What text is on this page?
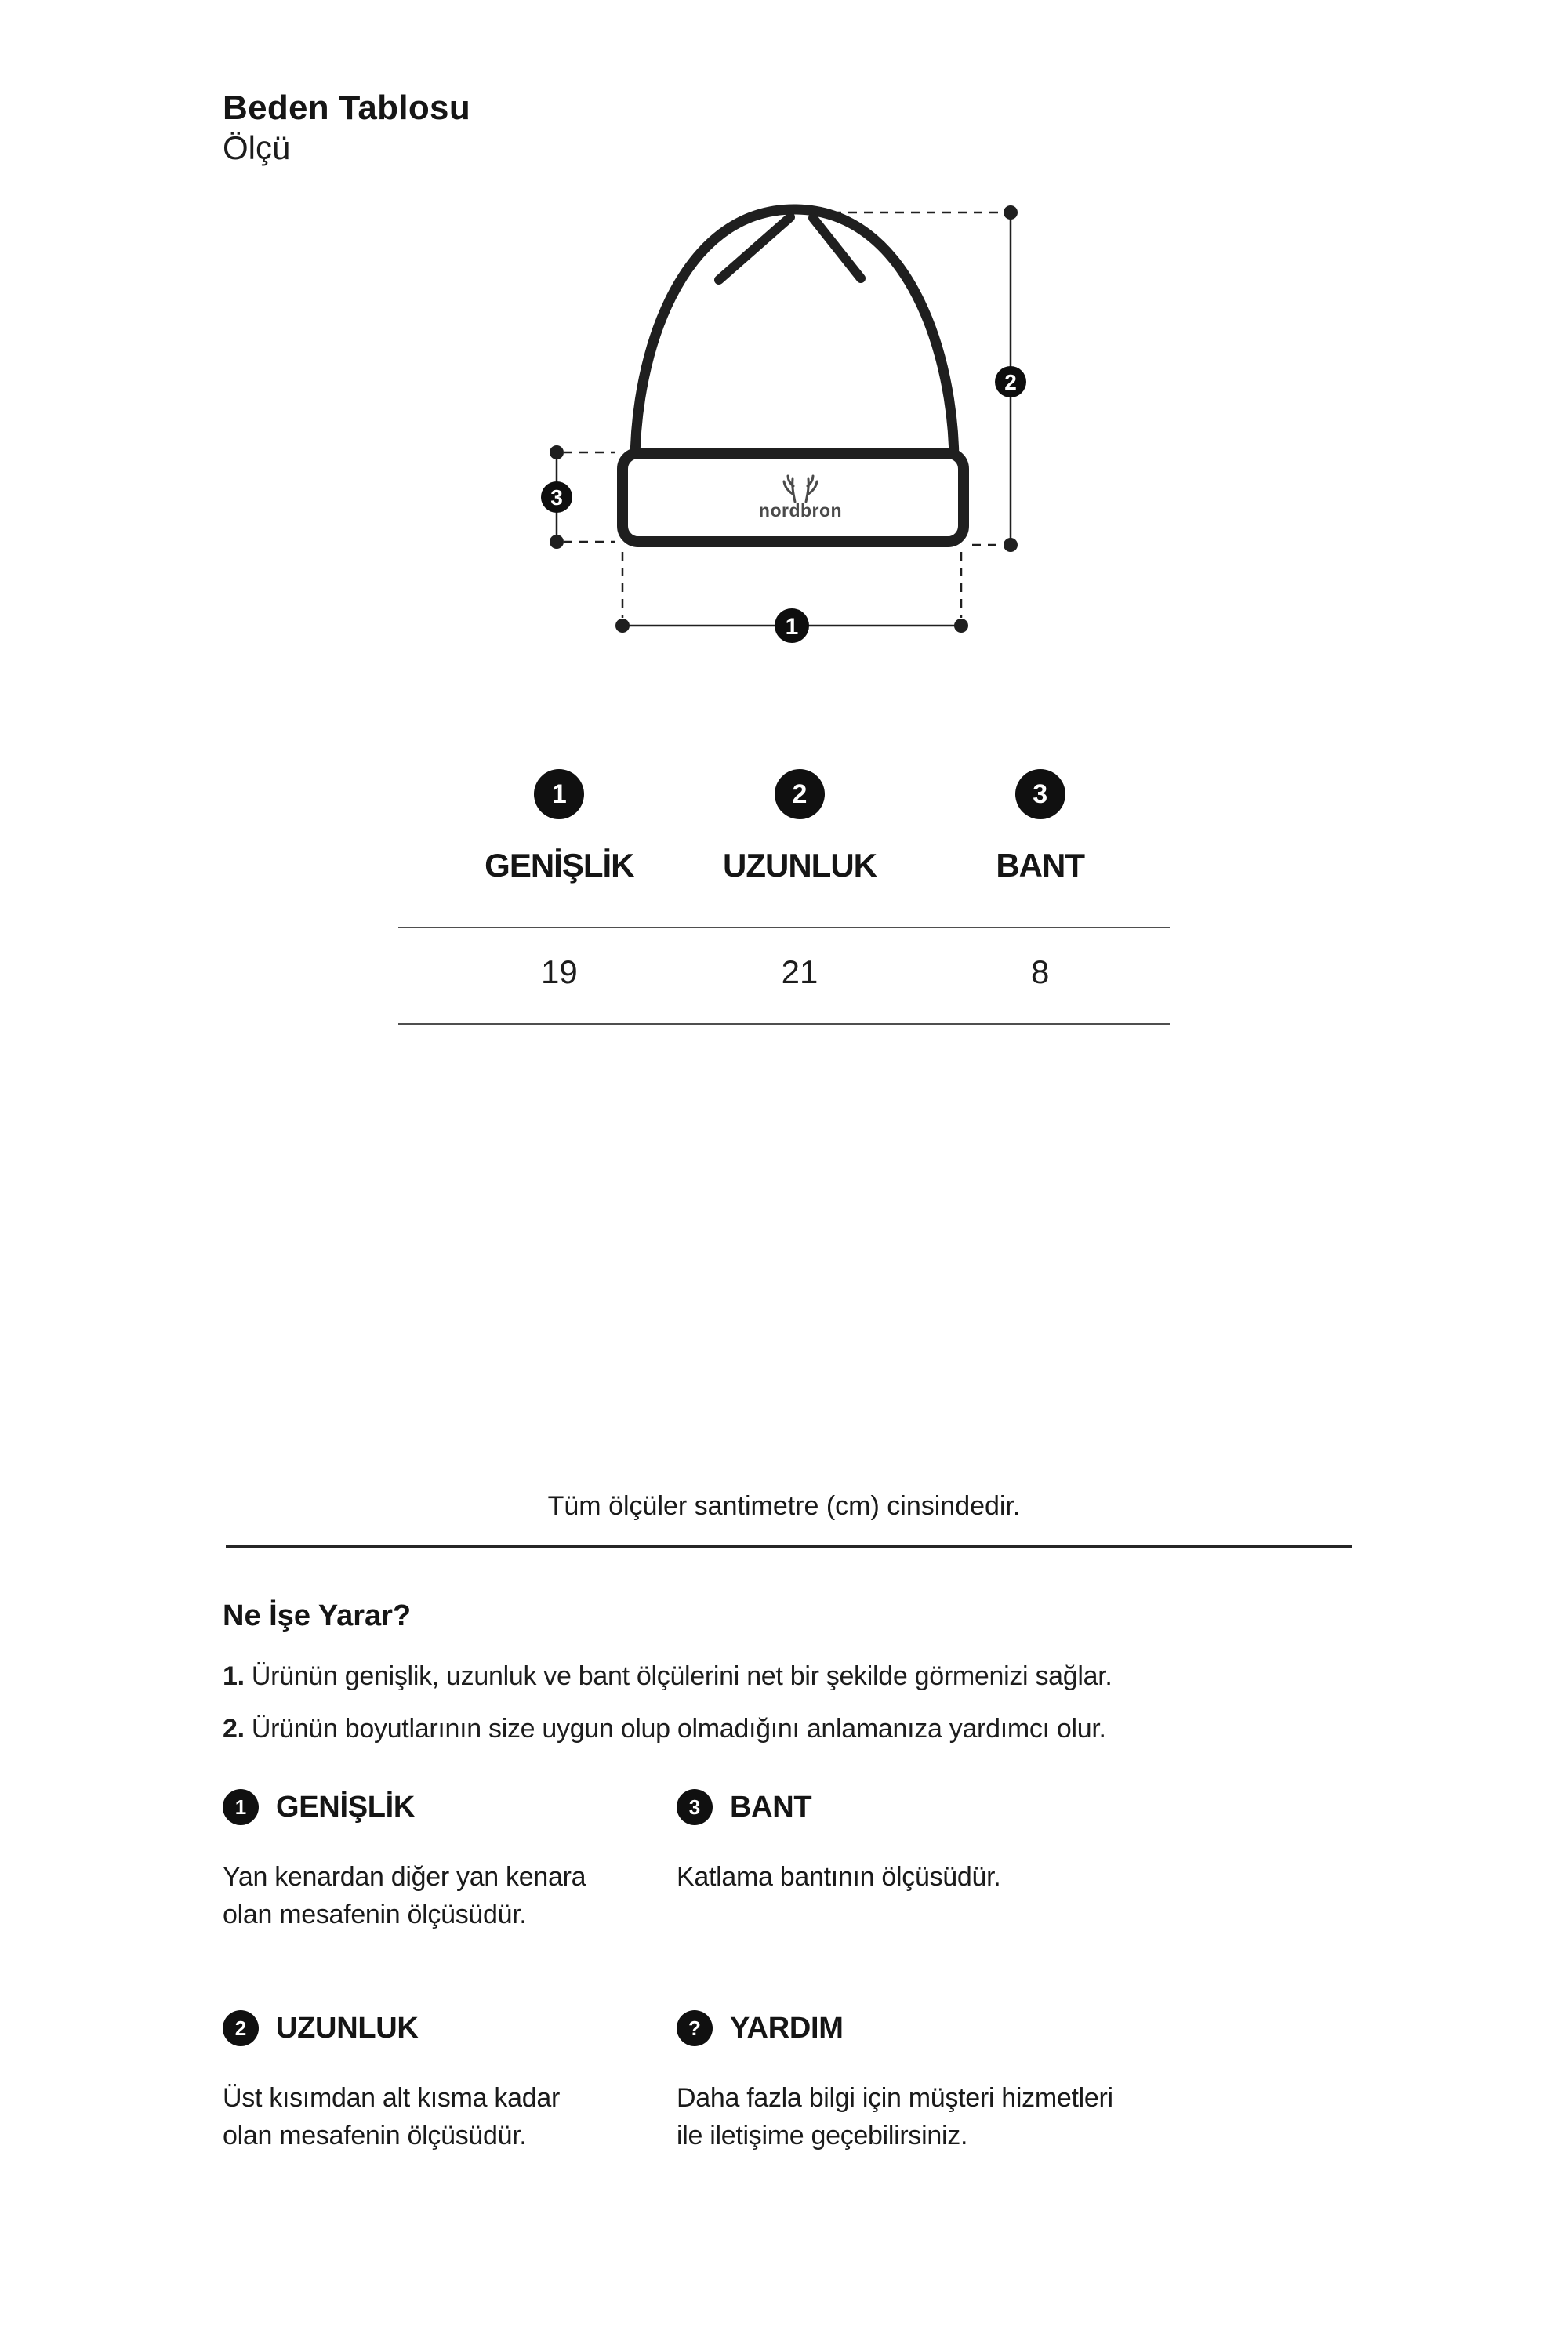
Beden Tablosu
Ölçü
nordbron
2
3
1
1	2	3
GENİŞLİK	UZUNLUK	BANT
19	21	8
Tüm ölçüler santimetre (cm) cinsindedir.
Ne İşe Yarar?
1. Ürünün genişlik, uzunluk ve bant ölçülerini net bir şekilde görmenizi sağlar.
2. Ürünün boyutlarının size uygun olup olmadığını anlamanıza yardımcı olur.
1 GENİŞLİK
Yan kenardan diğer yan kenara
olan mesafenin ölçüsüdür.
3 BANT
Katlama bantının ölçüsüdür.
2 UZUNLUK
Üst kısımdan alt kısma kadar
olan mesafenin ölçüsüdür.
? YARDIM
Daha fazla bilgi için müşteri hizmetleri
ile iletişime geçebilirsiniz.
